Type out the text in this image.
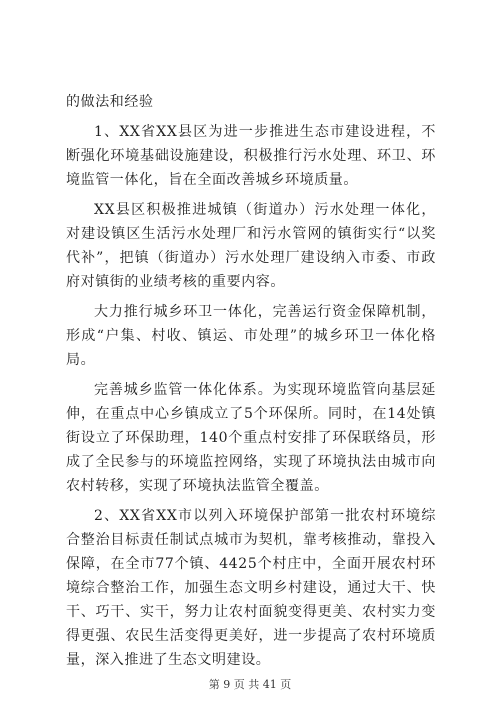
的做法和经验

1、XX省XX县区为进一步推进生态市建设进程，不断强化环境基础设施建设，积极推行污水处理、环卫、环境监管一体化，旨在全面改善城乡环境质量。

XX县区积极推进城镇（街道办）污水处理一体化，对建设镇区生活污水处理厂和污水管网的镇街实行“以奖代补”，把镇（街道办）污水处理厂建设纳入市委、市政府对镇街的业绩考核的重要内容。

大力推行城乡环卫一体化，完善运行资金保障机制，形成“户集、村收、镇运、市处理”的城乡环卫一体化格局。

完善城乡监管一体化体系。为实现环境监管向基层延伸，在重点中心乡镇成立了5个环保所。同时，在14处镇街设立了环保助理，140个重点村安排了环保联络员，形成了全民参与的环境监控网络，实现了环境执法由城市向农村转移，实现了环境执法监管全覆盖。

2、XX省XX市以列入环境保护部第一批农村环境综合整治目标责任制试点城市为契机，靠考核推动，靠投入保障，在全市77个镇、4425个村庄中，全面开展农村环境综合整治工作，加强生态文明乡村建设，通过大干、快干、巧干、实干，努力让农村面貌变得更美、农村实力变得更强、农民生活变得更美好，进一步提高了农村环境质量，深入推进了生态文明建设。

第 9 页 共 41 页
